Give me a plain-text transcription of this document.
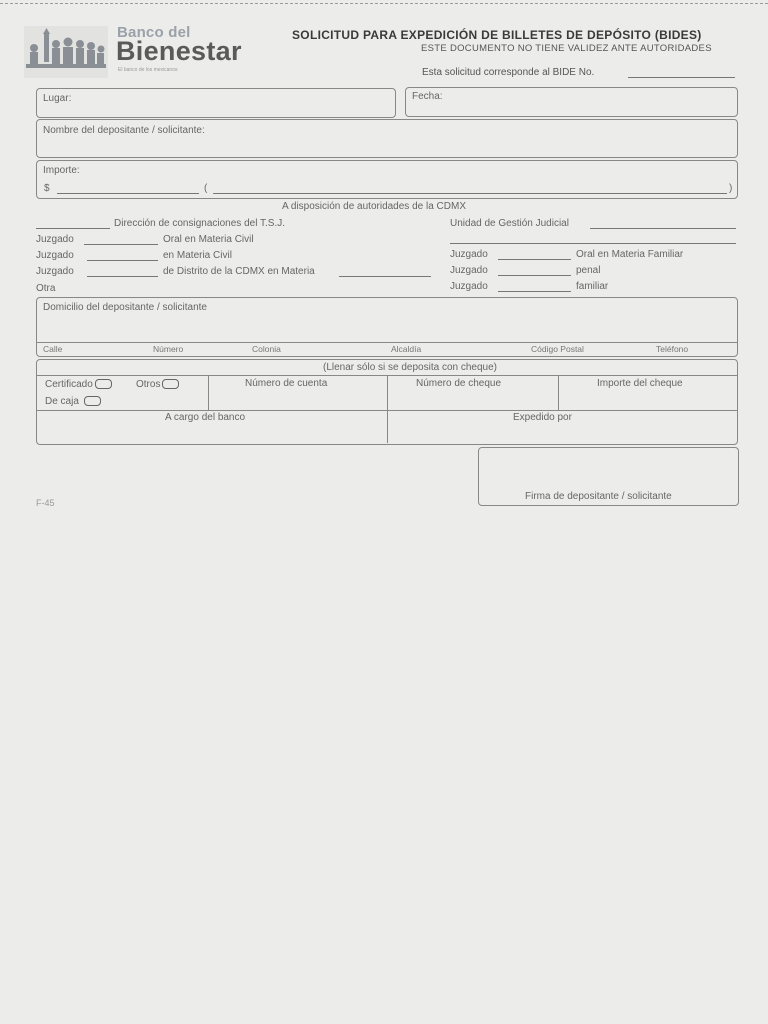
Banco del
Bienestar
El banco de los mexicanos
SOLICITUD PARA EXPEDICIÓN DE BILLETES DE DEPÓSITO (BIDES)
ESTE DOCUMENTO NO TIENE VALIDEZ ANTE AUTORIDADES
Esta solicitud corresponde al BIDE No.
Lugar:	Fecha:
Nombre del depositante / solicitante:
Importe:
$	(	)
A disposición de autoridades de la CDMX
Dirección de consignaciones del T.S.J.
Juzgado	Oral en Materia Civil
Juzgado	en Materia Civil
Juzgado	de Distrito de la CDMX en Materia
Otra
Unidad de Gestión Judicial
Juzgado	Oral en Materia Familiar
Juzgado	penal
Juzgado	familiar
Domicilio del depositante / solicitante
Calle	Número	Colonia	Alcaldía	Código Postal	Teléfono
(Llenar sólo si se deposita con cheque)
Certificado	Otros
De caja
Número de cuenta	Número de cheque	Importe del cheque
A cargo del banco	Expedido por
Firma de depositante / solicitante
F-45
